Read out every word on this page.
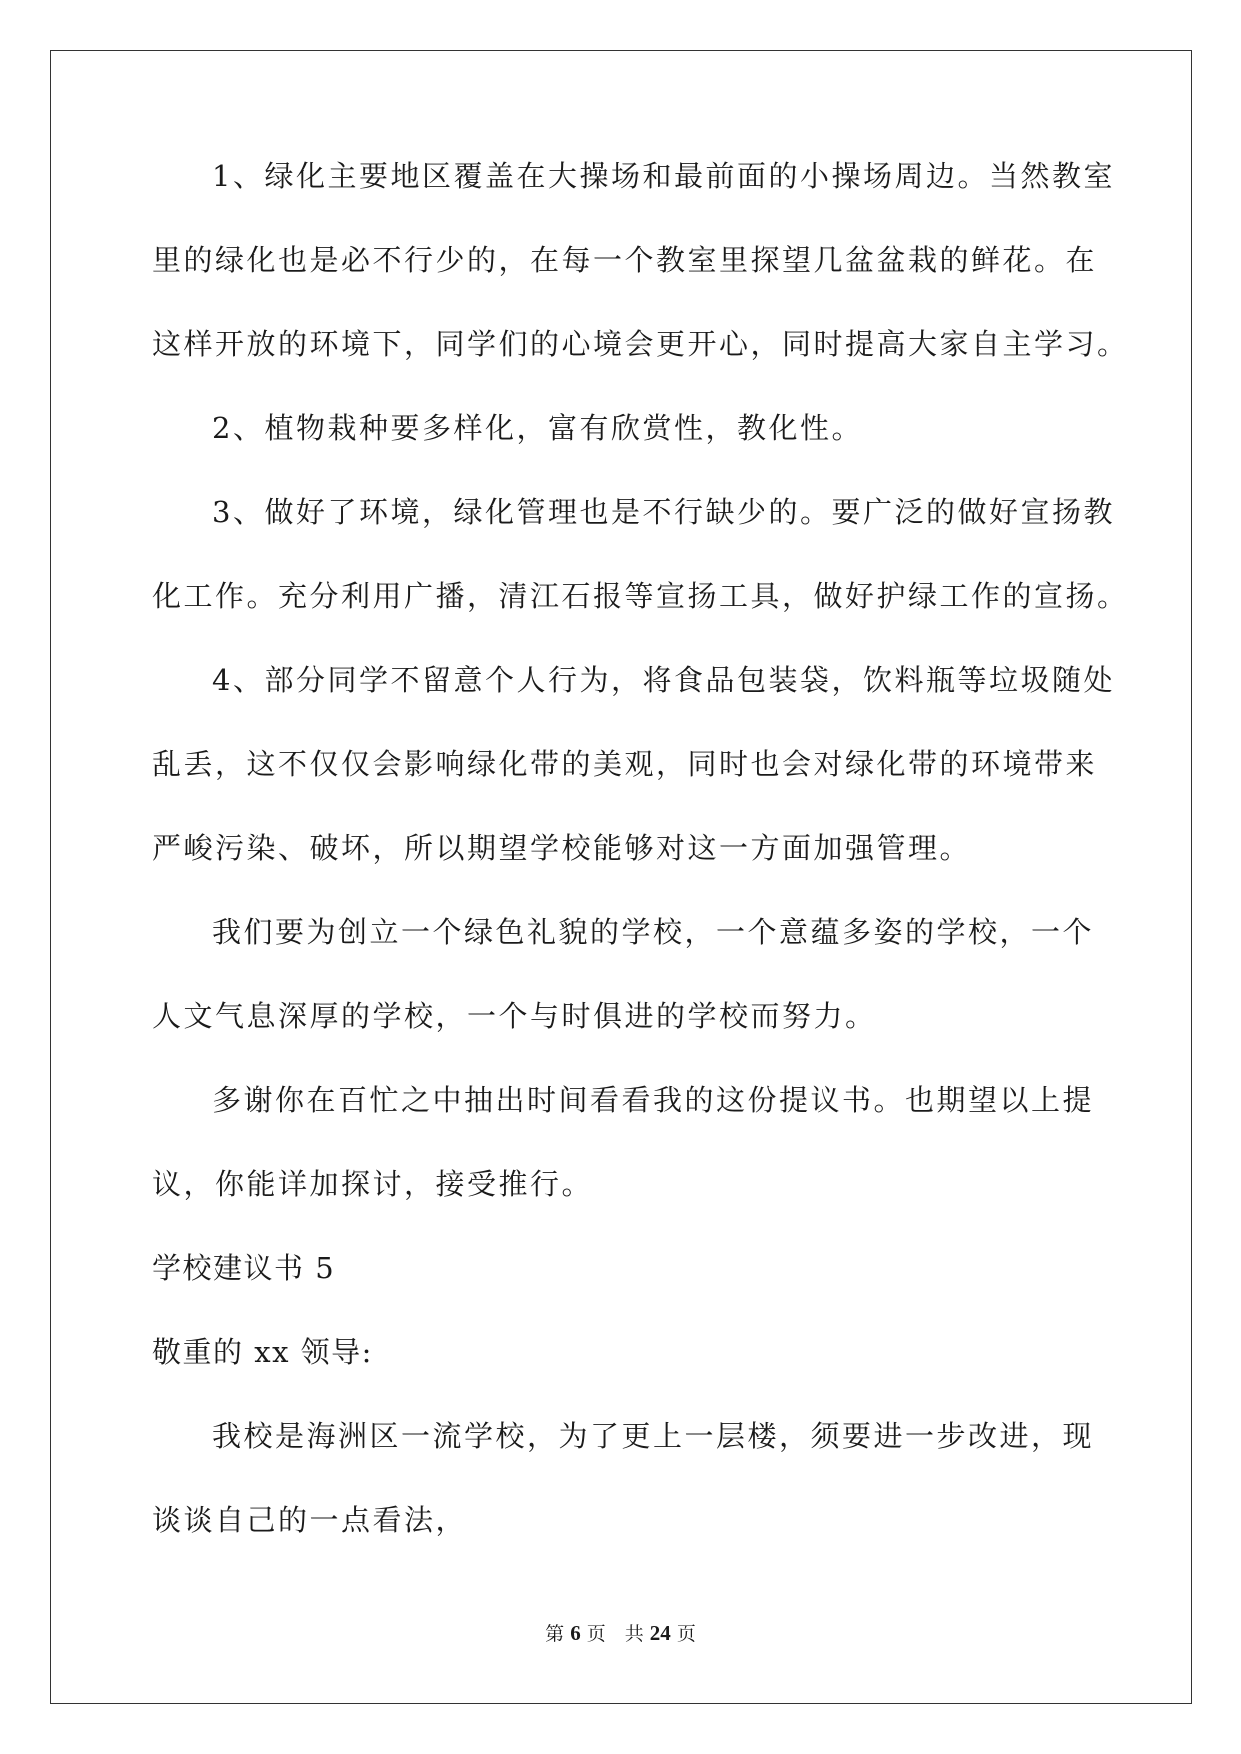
1、绿化主要地区覆盖在大操场和最前面的小操场周边。当然教室
里的绿化也是必不行少的，在每一个教室里探望几盆盆栽的鲜花。在
这样开放的环境下，同学们的心境会更开心，同时提高大家自主学习。
2、植物栽种要多样化，富有欣赏性，教化性。
3、做好了环境，绿化管理也是不行缺少的。要广泛的做好宣扬教
化工作。充分利用广播，清江石报等宣扬工具，做好护绿工作的宣扬。
4、部分同学不留意个人行为，将食品包装袋，饮料瓶等垃圾随处
乱丢，这不仅仅会影响绿化带的美观，同时也会对绿化带的环境带来
严峻污染、破坏，所以期望学校能够对这一方面加强管理。
我们要为创立一个绿色礼貌的学校，一个意蕴多姿的学校，一个
人文气息深厚的学校，一个与时俱进的学校而努力。
多谢你在百忙之中抽出时间看看我的这份提议书。也期望以上提
议，你能详加探讨，接受推行。
学校建议书 5
敬重的 xx 领导:
我校是海洲区一流学校，为了更上一层楼，须要进一步改进，现
谈谈自己的一点看法，
第 6 页　共 24 页
